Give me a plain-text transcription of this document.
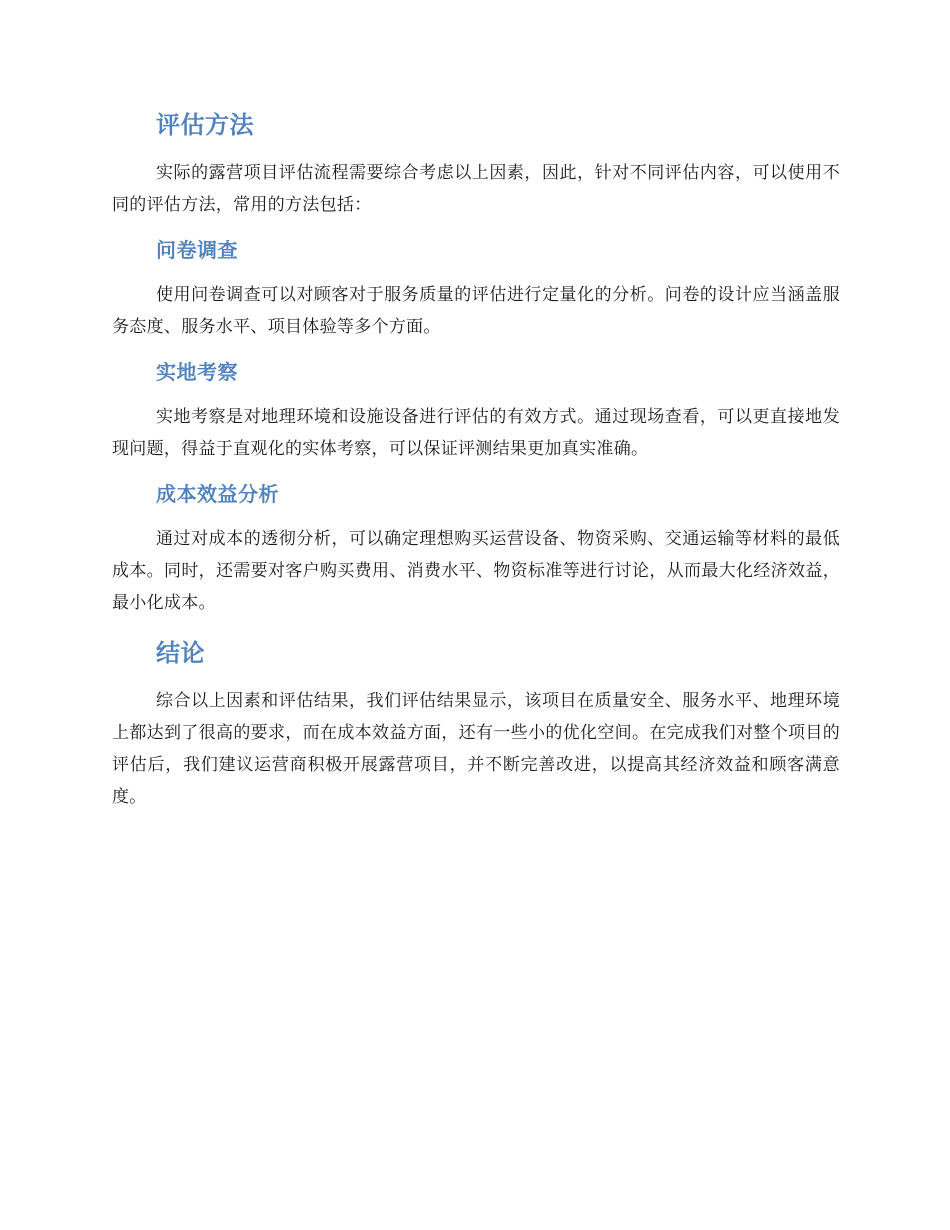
评估方法

实际的露营项目评估流程需要综合考虑以上因素，因此，针对不同评估内容，可以使用不同的评估方法，常用的方法包括：

问卷调查

使用问卷调查可以对顾客对于服务质量的评估进行定量化的分析。问卷的设计应当涵盖服务态度、服务水平、项目体验等多个方面。

实地考察

实地考察是对地理环境和设施设备进行评估的有效方式。通过现场查看，可以更直接地发现问题，得益于直观化的实体考察，可以保证评测结果更加真实准确。

成本效益分析

通过对成本的透彻分析，可以确定理想购买运营设备、物资采购、交通运输等材料的最低成本。同时，还需要对客户购买费用、消费水平、物资标准等进行讨论，从而最大化经济效益，最小化成本。

结论

综合以上因素和评估结果，我们评估结果显示，该项目在质量安全、服务水平、地理环境上都达到了很高的要求，而在成本效益方面，还有一些小的优化空间。在完成我们对整个项目的评估后，我们建议运营商积极开展露营项目，并不断完善改进，以提高其经济效益和顾客满意度。
